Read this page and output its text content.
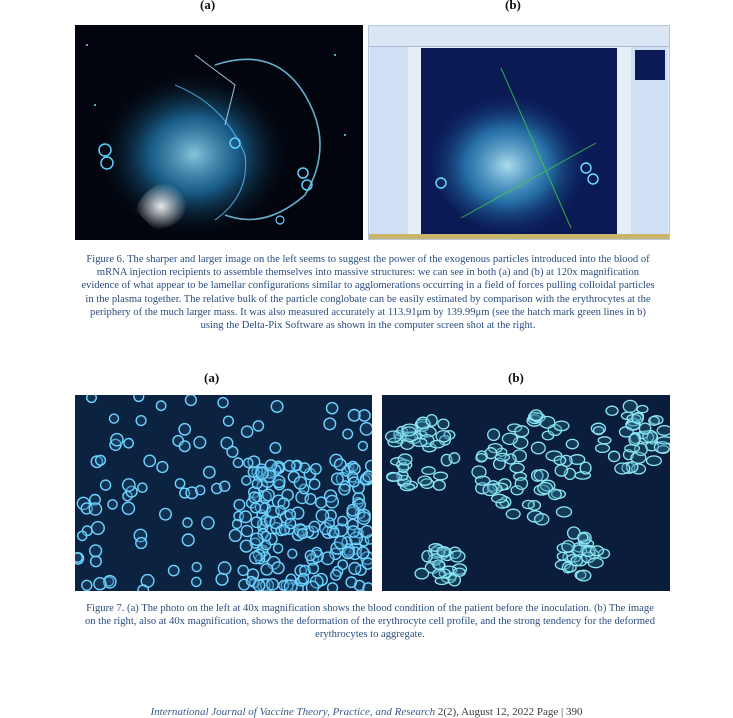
(a)	(b)
Figure 6. The sharper and larger image on the left seems to suggest the power of the exogenous particles introduced into the blood of mRNA injection recipients to assemble themselves into massive structures: we can see in both (a) and (b) at 120x magnification evidence of what appear to be lamellar configurations similar to agglomerations occurring in a field of forces pulling colloidal particles in the plasma together. The relative bulk of the particle conglobate can be easily estimated by comparison with the erythrocytes at the periphery of the much larger mass. It was also measured accurately at 113.91μm by 139.99μm (see the hatch mark green lines in b) using the Delta-Pix Software as shown in the computer screen shot at the right.
(a)	(b)
Figure 7. (a) The photo on the left at 40x magnification shows the blood condition of the patient before the inoculation. (b) The image on the right, also at 40x magnification, shows the deformation of the erythrocyte cell profile, and the strong tendency for the deformed erythrocytes to aggregate.
International Journal of Vaccine Theory, Practice, and Research 2(2), August 12, 2022 Page | 390
